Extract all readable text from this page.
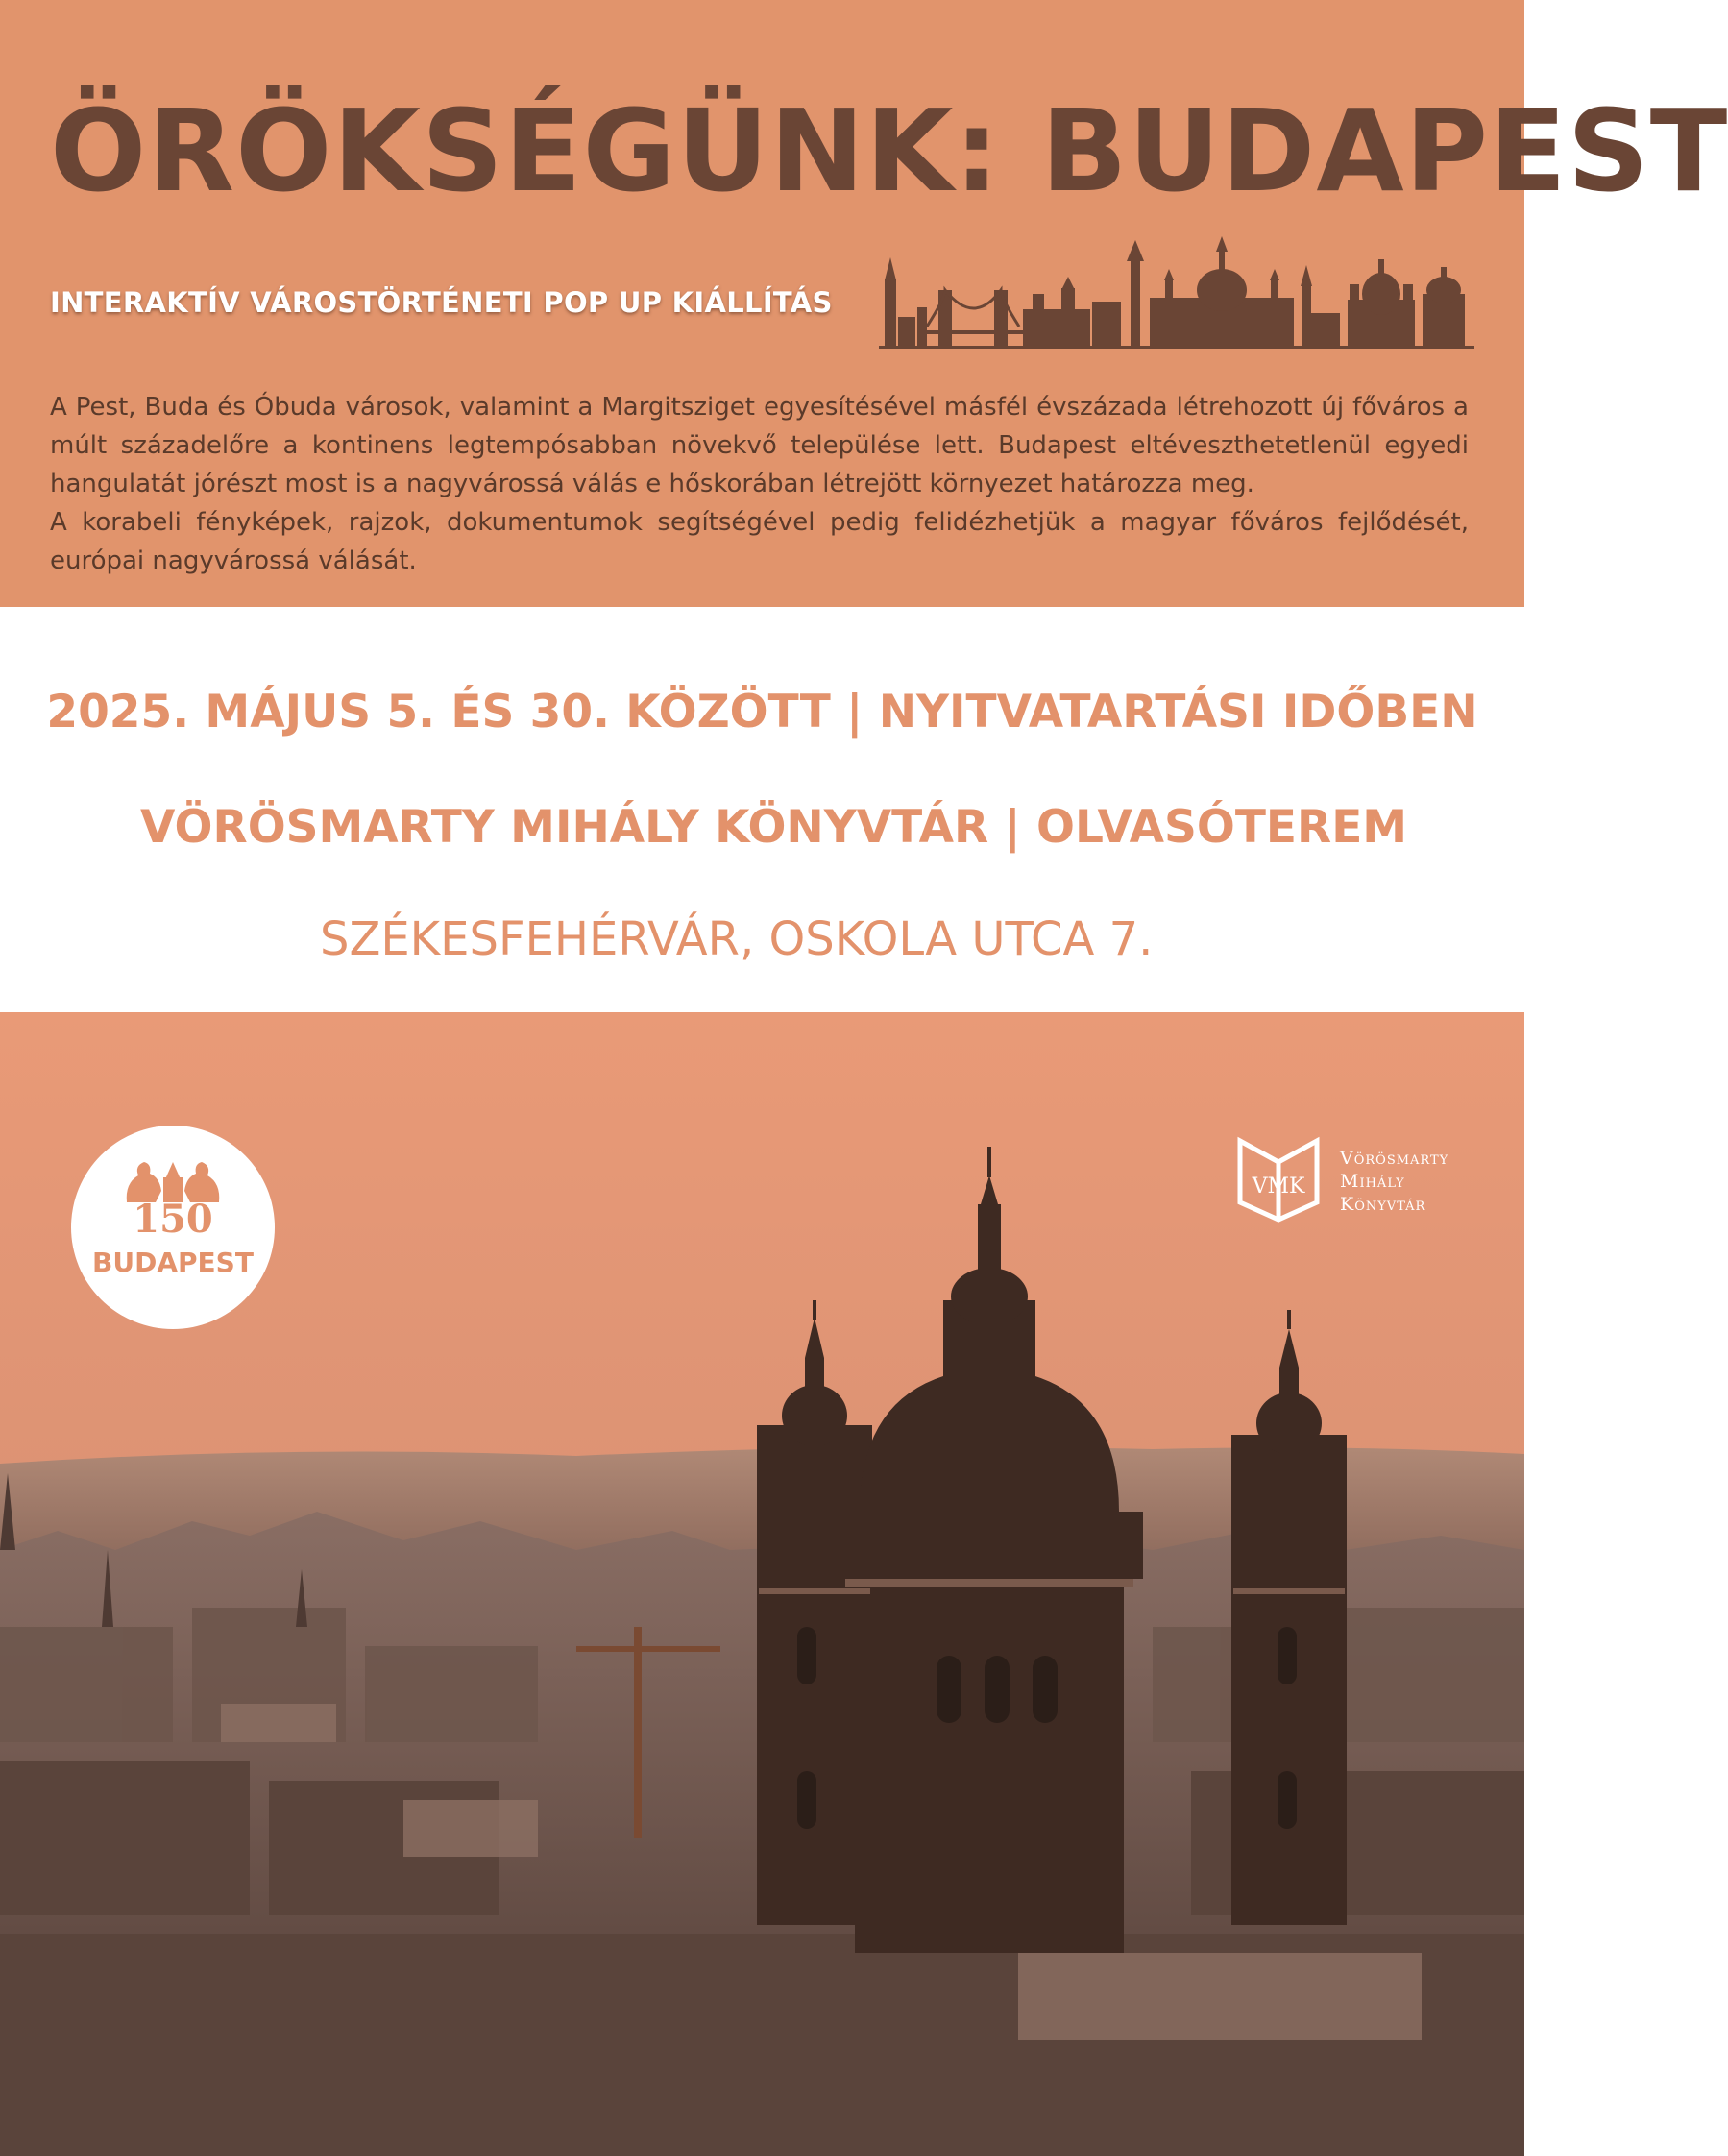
ÖRÖKSÉGÜNK: BUDAPEST
INTERAKTÍV VÁROSTÖRTÉNETI POP UP KIÁLLÍTÁS

A Pest, Buda és Óbuda városok, valamint a Margitsziget egyesítésével másfél évszázada létrehozott új főváros a múlt századelőre a kontinens legtempósabban növekvő települése lett. Budapest eltéveszthetetlenül egyedi hangulatát jórészt most is a nagyvárossá válás e hőskorában létrejött környezet határozza meg.

A korabeli fényképek, rajzok, dokumentumok segítségével pedig felidézhetjük a magyar főváros fejlődését, európai nagyvárossá válását.

2025. MÁJUS 5. ÉS 30. KÖZÖTT | NYITVATARTÁSI IDŐBEN
VÖRÖSMARTY MIHÁLY KÖNYVTÁR | OLVASÓTEREM
SZÉKESFEHÉRVÁR, OSKOLA UTCA 7.
150
BUDAPEST
VMK
Vörösmarty
Mihály
Könyvtár
